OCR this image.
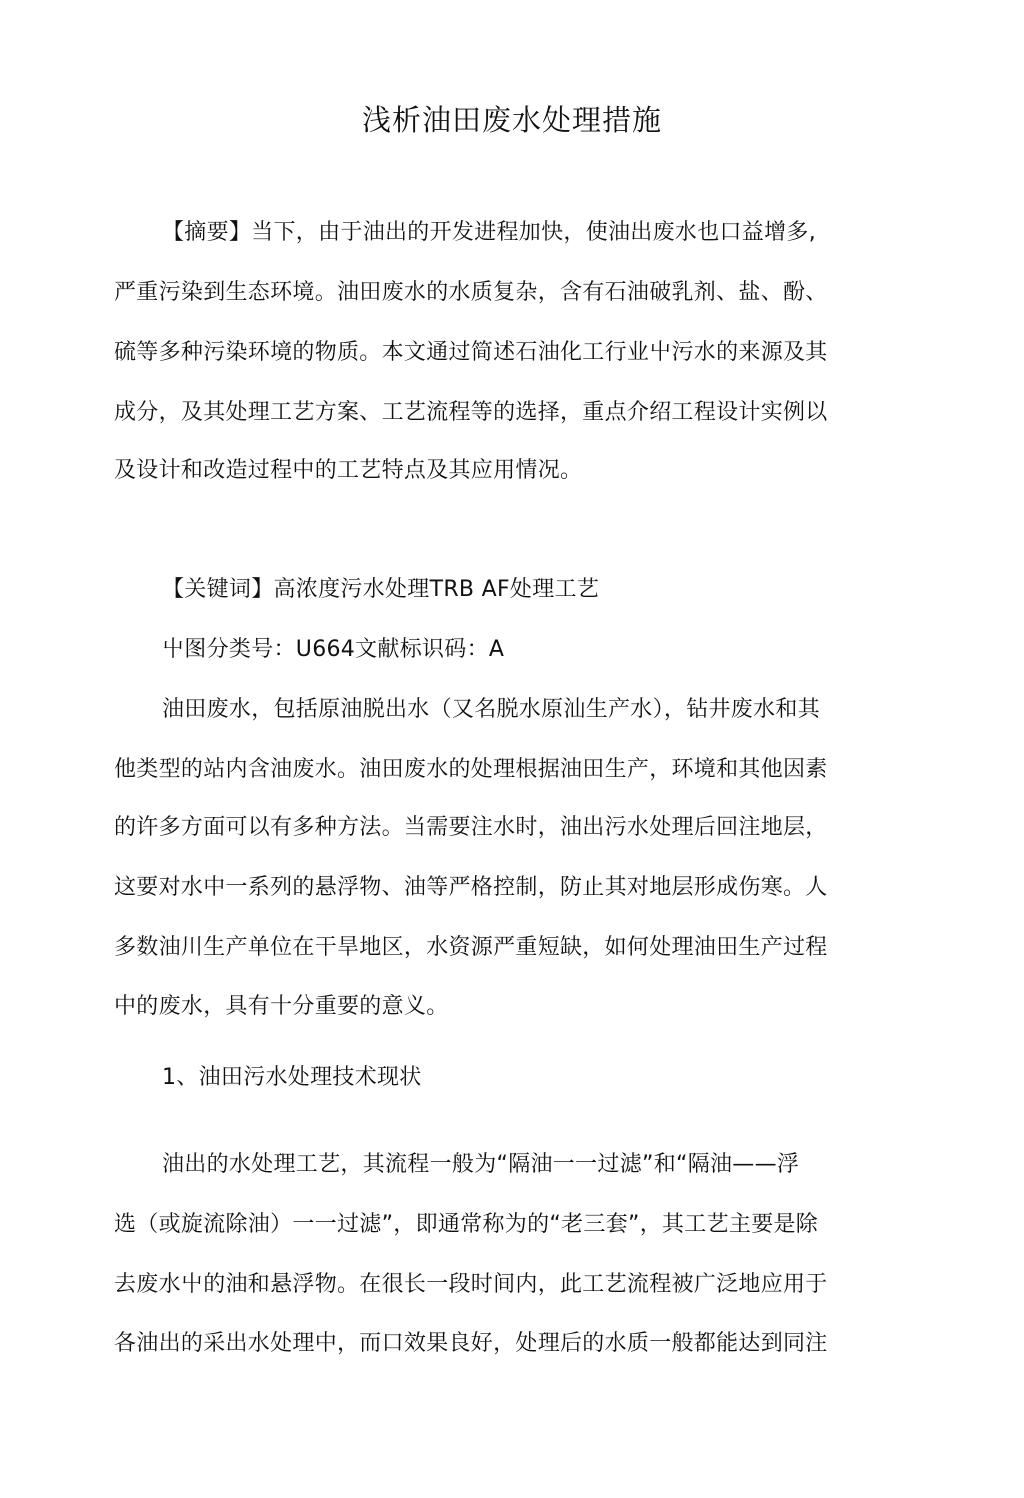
浅析油田废水处理措施
【摘要】当下，由于油出的开发进程加快，使油出废水也口益增多,
严重污染到生态环境。油田废水的水质复杂，含有石油破乳剂、盐、酚、
硫等多种污染环境的物质。本文通过简述石油化工行业屮污水的来源及其
成分，及其处理工艺方案、工艺流程等的选择，重点介绍工程设计实例以
及设计和改造过程中的工艺特点及其应用情况。
【关键词】高浓度污水处理TRB AF处理工艺
屮图分类号：U664文献标识码：A
油田废水，包括原油脱出水（又名脱水原汕生产水），钻井废水和其
他类型的站内含油废水。油田废水的处理根据油田生产，环境和其他因素
的许多方面可以有多种方法。当需要注水时，油出污水处理后回注地层，
这要对水中一系列的悬浮物、油等严格控制，防止其对地层形成伤寒。人
多数油川生产单位在干旱地区，水资源严重短缺，如何处理油田生产过程
中的废水，具有十分重要的意义。
1、油田污水处理技术现状
油出的水处理工艺，其流程一般为“隔油一一过滤”和“隔油——浮
选（或旋流除油）一一过滤”，即通常称为的“老三套”，其工艺主要是除
去废水屮的油和悬浮物。在很长一段时间内，此工艺流程被广泛地应用于
各油出的采出水处理中，而口效果良好，处理后的水质一般都能达到同注
